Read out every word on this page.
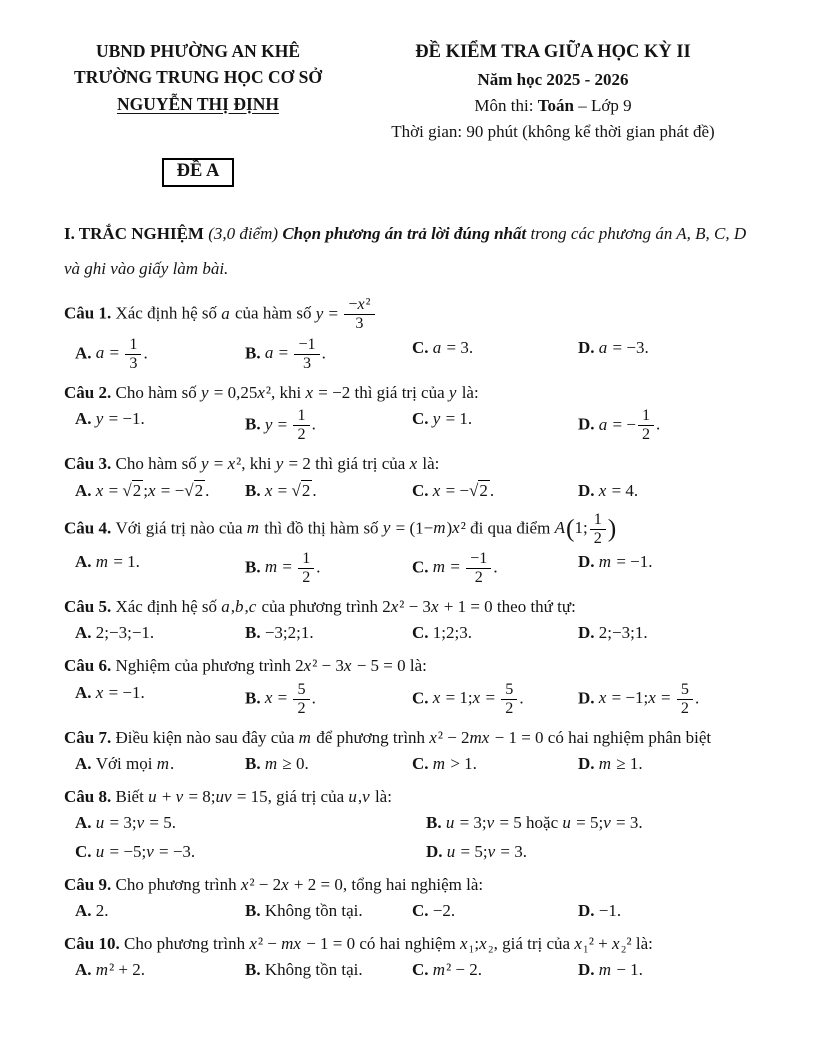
UBND PHƯỜNG AN KHÊ
TRƯỜNG TRUNG HỌC CƠ SỞ
NGUYỄN THỊ ĐỊNH
ĐỀ KIỂM TRA GIỮA HỌC KỲ II
Năm học 2025 - 2026
Môn thi: Toán – Lớp 9
Thời gian: 90 phút (không kể thời gian phát đề)
ĐỀ A
I. TRẮC NGHIỆM (3,0 điểm) Chọn phương án trả lời đúng nhất trong các phương án A, B, C, D và ghi vào giấy làm bài.
Câu 1. Xác định hệ số a của hàm số $y = \frac{\text{−x²}}{3}$
A. $a = \frac{1}{3}$ .	B. $a = \frac{-1}{3}$ .	C. a = 3.	D. a = −3.
Câu 2. Cho hàm số y = 0,25x², khi x = −2 thì giá trị của y là:
A. y = −1.	B. $y = \frac{1}{2}$ .	C. y = 1.	D. a = − $\frac{1}{2}$ .
Câu 3. Cho hàm số y = x², khi y = 2 thì giá trị của x là:
A. x = √2 ;x = −√2 .	B. x = √2 .	C. x = −√2 .	D. x = 4.
Câu 4. Với giá trị nào của m thì đồ thị hàm số y = (1−m)x² đi qua điểm A(1; $\frac{1}{2}$ )
A. m = 1.	B. $m = \frac{1}{2}$ .	C. $m = \frac{-1}{2}$ .	D. m = −1.
Câu 5. Xác định hệ số a,b,c của phương trình 2x² − 3x + 1 = 0 theo thứ tự:
A. 2;−3;−1.	B. −3;2;1.	C. 1;2;3.	D. 2;−3;1.
Câu 6. Nghiệm của phương trình 2x² − 3x − 5 = 0 là:
A. x = −1.	B. $x = \frac{5}{2}$ .	C. x = 1;x = $\frac{5}{2}$ .	D. x = −1;x = $\frac{5}{2}$ .
Câu 7. Điều kiện nào sau đây của m để phương trình x² − 2mx − 1 = 0 có hai nghiệm phân biệt
A. Với mọi m.	B. m ≥ 0.	C. m > 1.	D. m ≥ 1.
Câu 8. Biết u + v = 8;uv = 15, giá trị của u,v là:
A. u = 3;v = 5.	B. u = 3;v = 5 hoặc u = 5;v = 3.
C. u = −5;v = −3.	D. u = 5;v = 3.
Câu 9. Cho phương trình x² − 2x + 2 = 0, tổng hai nghiệm là:
A. 2.	B. Không tồn tại.	C. −2.	D. −1.
Câu 10. Cho phương trình x² − mx − 1 = 0 có hai nghiệm x₁;x₂, giá trị của x₁² + x₂² là:
A. m² + 2.	B. Không tồn tại.	C. m² − 2.	D. m − 1.
